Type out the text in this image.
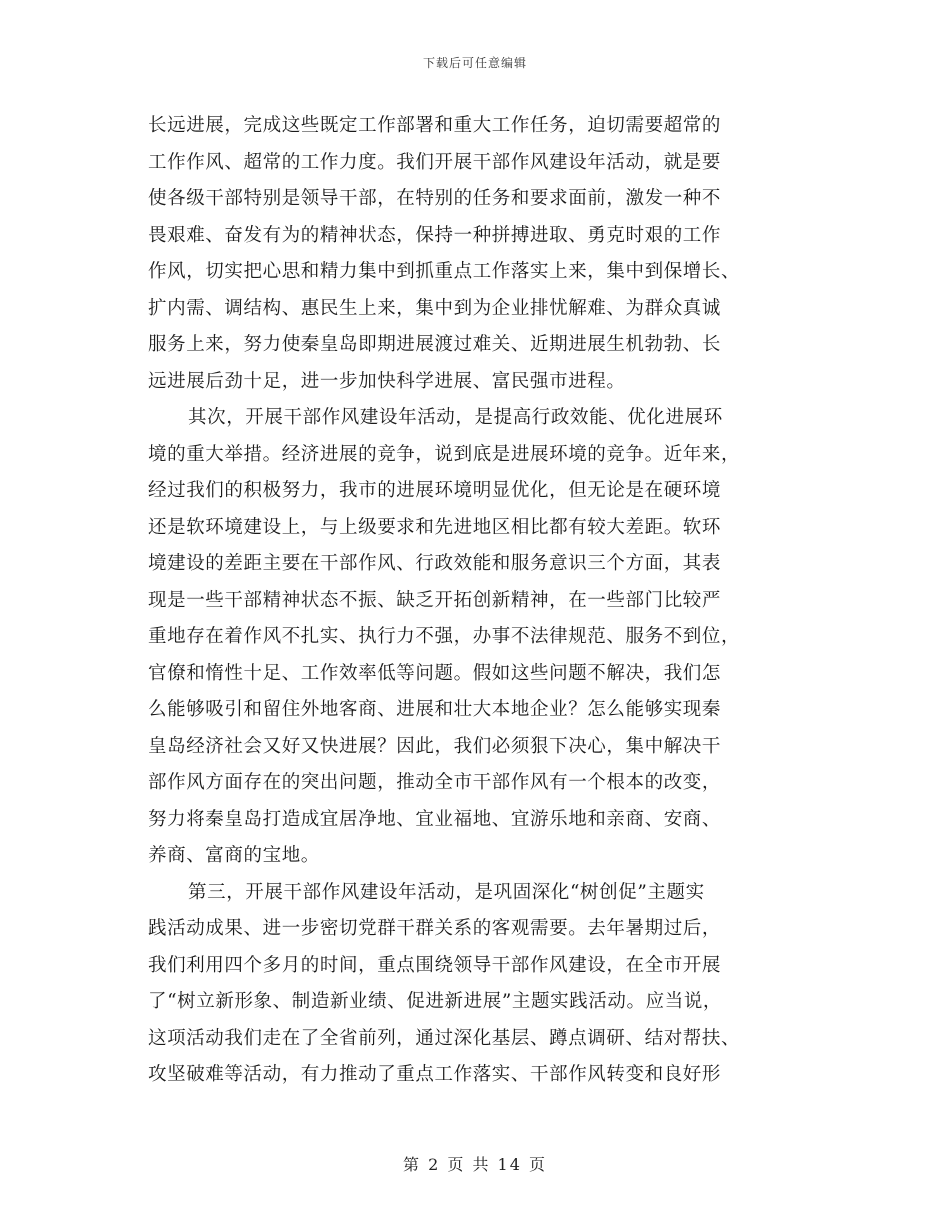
下载后可任意编辑
长远进展，完成这些既定工作部署和重大工作任务，迫切需要超常的
工作作风、超常的工作力度。我们开展干部作风建设年活动，就是要
使各级干部特别是领导干部，在特别的任务和要求面前，激发一种不
畏艰难、奋发有为的精神状态，保持一种拼搏进取、勇克时艰的工作
作风，切实把心思和精力集中到抓重点工作落实上来，集中到保增长、
扩内需、调结构、惠民生上来，集中到为企业排忧解难、为群众真诚
服务上来，努力使秦皇岛即期进展渡过难关、近期进展生机勃勃、长
远进展后劲十足，进一步加快科学进展、富民强市进程。
其次，开展干部作风建设年活动，是提高行政效能、优化进展环
境的重大举措。经济进展的竞争，说到底是进展环境的竞争。近年来，
经过我们的积极努力，我市的进展环境明显优化，但无论是在硬环境
还是软环境建设上，与上级要求和先进地区相比都有较大差距。软环
境建设的差距主要在干部作风、行政效能和服务意识三个方面，其表
现是一些干部精神状态不振、缺乏开拓创新精神，在一些部门比较严
重地存在着作风不扎实、执行力不强，办事不法律规范、服务不到位，
官僚和惰性十足、工作效率低等问题。假如这些问题不解决，我们怎
么能够吸引和留住外地客商、进展和壮大本地企业？怎么能够实现秦
皇岛经济社会又好又快进展？因此，我们必须狠下决心，集中解决干
部作风方面存在的突出问题，推动全市干部作风有一个根本的改变，
努力将秦皇岛打造成宜居净地、宜业福地、宜游乐地和亲商、安商、
养商、富商的宝地。
第三，开展干部作风建设年活动，是巩固深化“树创促”主题实
践活动成果、进一步密切党群干群关系的客观需要。去年暑期过后，
我们利用四个多月的时间，重点围绕领导干部作风建设，在全市开展
了“树立新形象、制造新业绩、促进新进展”主题实践活动。应当说，
这项活动我们走在了全省前列，通过深化基层、蹲点调研、结对帮扶、
攻坚破难等活动，有力推动了重点工作落实、干部作风转变和良好形
第 2 页 共 14 页
